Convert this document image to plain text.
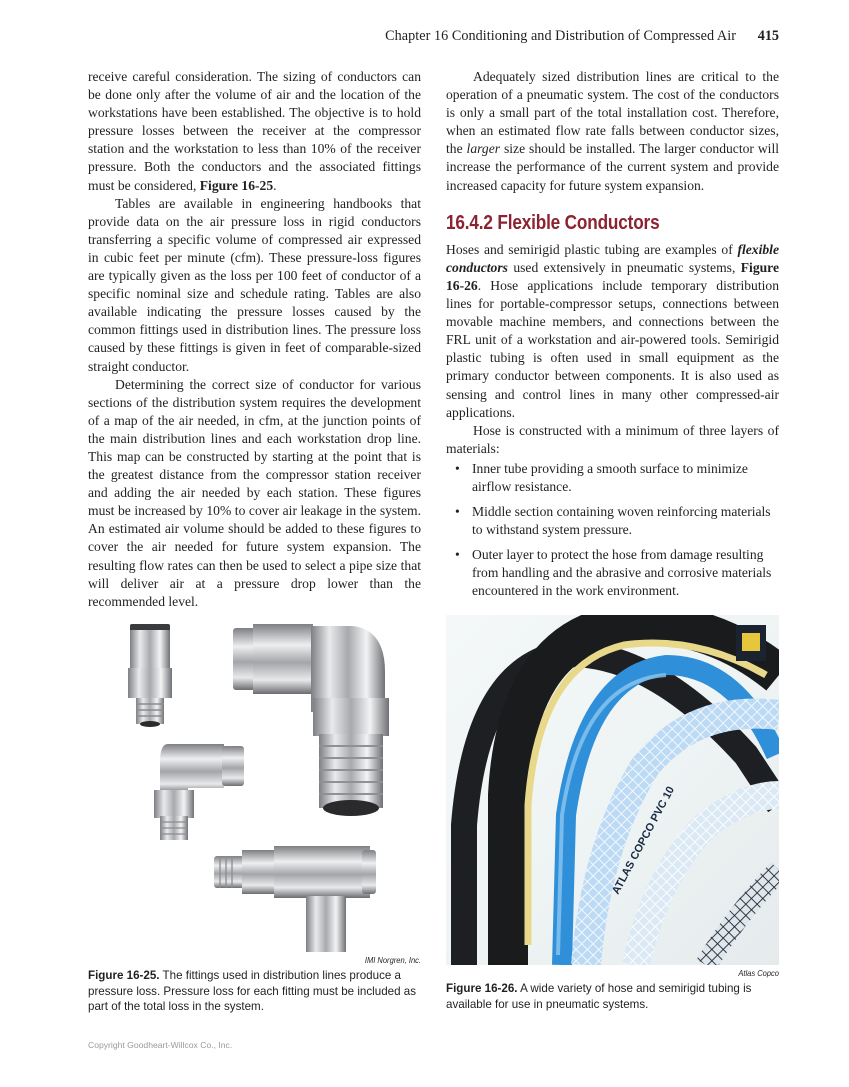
Chapter 16 Conditioning and Distribution of Compressed Air 415

receive careful consideration. The sizing of conductors can be done only after the volume of air and the location of the workstations have been established. The objective is to hold pressure losses between the receiver at the compressor station and the workstation to less than 10% of the receiver pressure. Both the conductors and the associated fittings must be considered, Figure 16-25.

Tables are available in engineering handbooks that provide data on the air pressure loss in rigid conductors transferring a specific volume of compressed air expressed in cubic feet per minute (cfm). These pressure-loss figures are typically given as the loss per 100 feet of conductor of a specific nominal size and schedule rating. Tables are also available indicating the pressure losses caused by the common fittings used in distribution lines. The pressure loss caused by these fittings is given in feet of comparable-sized straight conductor.

Determining the correct size of conductor for various sections of the distribution system requires the development of a map of the air needed, in cfm, at the junction points of the main distribution lines and each workstation drop line. This map can be constructed by starting at the point that is the greatest distance from the compressor station receiver and adding the air needed by each station. These figures must be increased by 10% to cover air leakage in the system. An estimated air volume should be added to these figures to cover the air needed for future system expansion. The resulting flow rates can then be used to select a pipe size that will deliver air at a pressure drop lower than the recommended level.

Adequately sized distribution lines are critical to the operation of a pneumatic system. The cost of the conductors is only a small part of the total installation cost. Therefore, when an estimated flow rate falls between conductor sizes, the larger size should be installed. The larger conductor will increase the performance of the current system and provide increased capacity for future system expansion.

16.4.2 Flexible Conductors

Hoses and semirigid plastic tubing are examples of flexible conductors used extensively in pneumatic systems, Figure 16-26. Hose applications include temporary distribution lines for portable-compressor setups, connections between movable machine members, and connections between the FRL unit of a workstation and air-powered tools. Semirigid plastic tubing is often used in small equipment as the primary conductor between components. It is also used as sensing and control lines in many other compressed-air applications.

Hose is constructed with a minimum of three layers of materials:

• Inner tube providing a smooth surface to minimize airflow resistance.
• Middle section containing woven reinforcing materials to withstand system pressure.
• Outer layer to protect the hose from damage resulting from handling and the abrasive and corrosive materials encountered in the work environment.
IMI Norgren, Inc.
Figure 16-25. The fittings used in distribution lines produce a pressure loss. Pressure loss for each fitting must be included as part of the total loss in the system.
ATLAS COPCO PVC 10
Atlas Copco
Figure 16-26. A wide variety of hose and semirigid tubing is available for use in pneumatic systems.
Copyright Goodheart-Willcox Co., Inc.
